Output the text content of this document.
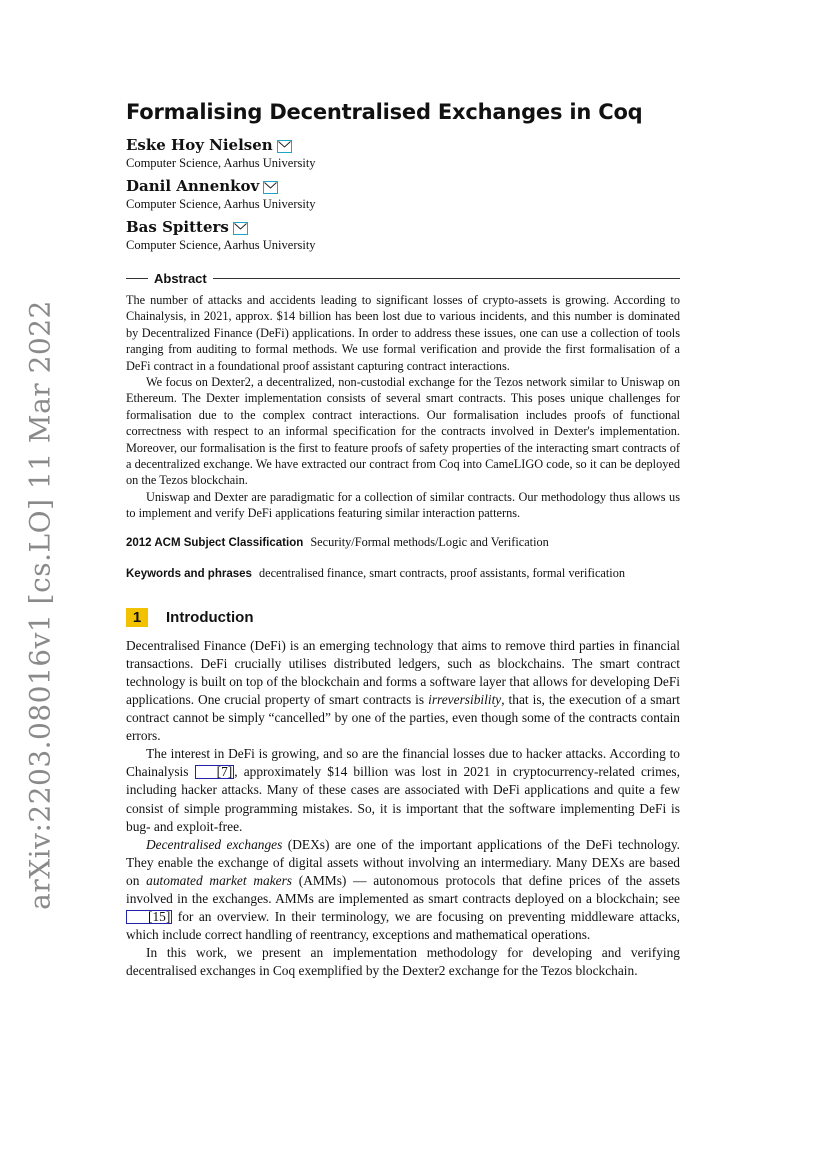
arXiv:2203.08016v1 [cs.LO] 11 Mar 2022
Formalising Decentralised Exchanges in Coq
Eske Hoy Nielsen
Computer Science, Aarhus University
Danil Annenkov
Computer Science, Aarhus University
Bas Spitters
Computer Science, Aarhus University
Abstract

The number of attacks and accidents leading to significant losses of crypto-assets is growing. According to Chainalysis, in 2021, approx. $14 billion has been lost due to various incidents, and this number is dominated by Decentralized Finance (DeFi) applications. In order to address these issues, one can use a collection of tools ranging from auditing to formal methods. We use formal verification and provide the first formalisation of a DeFi contract in a foundational proof assistant capturing contract interactions.

We focus on Dexter2, a decentralized, non-custodial exchange for the Tezos network similar to Uniswap on Ethereum. The Dexter implementation consists of several smart contracts. This poses unique challenges for formalisation due to the complex contract interactions. Our formalisation includes proofs of functional correctness with respect to an informal specification for the contracts involved in Dexter's implementation. Moreover, our formalisation is the first to feature proofs of safety properties of the interacting smart contracts of a decentralized exchange. We have extracted our contract from Coq into CameLIGO code, so it can be deployed on the Tezos blockchain.

Uniswap and Dexter are paradigmatic for a collection of similar contracts. Our methodology thus allows us to implement and verify DeFi applications featuring similar interaction patterns.

2012 ACM Subject Classification Security/Formal methods/Logic and Verification
Keywords and phrases decentralised finance, smart contracts, proof assistants, formal verification
1	Introduction

Decentralised Finance (DeFi) is an emerging technology that aims to remove third parties in financial transactions. DeFi crucially utilises distributed ledgers, such as blockchains. The smart contract technology is built on top of the blockchain and forms a software layer that allows for developing DeFi applications. One crucial property of smart contracts is irreversibility, that is, the execution of a smart contract cannot be simply “cancelled” by one of the parties, even though some of the contracts contain errors.

The interest in DeFi is growing, and so are the financial losses due to hacker attacks. According to Chainalysis [7] , approximately $14 billion was lost in 2021 in cryptocurrency-related crimes, including hacker attacks. Many of these cases are associated with DeFi applications and quite a few consist of simple programming mistakes. So, it is important that the software implementing DeFi is bug- and exploit-free.

Decentralised exchanges (DEXs) are one of the important applications of the DeFi technology. They enable the exchange of digital assets without involving an intermediary. Many DEXs are based on automated market makers (AMMs) — autonomous protocols that define prices of the assets involved in the exchanges. AMMs are implemented as smart contracts deployed on a blockchain; see [15] for an overview. In their terminology, we are focusing on preventing middleware attacks, which include correct handling of reentrancy, exceptions and mathematical operations.

In this work, we present an implementation methodology for developing and verifying decentralised exchanges in Coq exemplified by the Dexter2 exchange for the Tezos blockchain.
